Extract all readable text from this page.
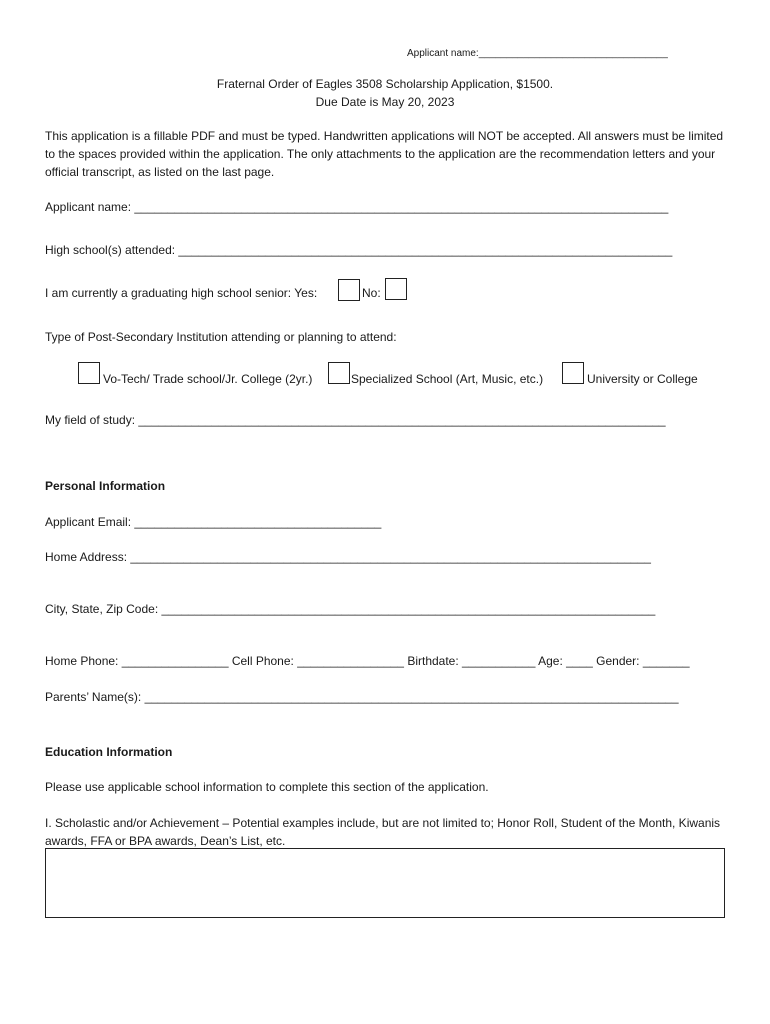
Applicant name:__________________________________
Fraternal Order of Eagles 3508 Scholarship Application, $1500.
Due Date is May 20, 2023
This application is a fillable PDF and must be typed. Handwritten applications will NOT be accepted. All answers must be limited to the spaces provided within the application. The only attachments to the application are the recommendation letters and your official transcript, as listed on the last page.
Applicant name: ________________________________________________________________________________
High school(s) attended: __________________________________________________________________________
I am currently a graduating high school senior: Yes:	No:
Type of Post-Secondary Institution attending or planning to attend:
Vo-Tech/ Trade school/Jr. College (2yr.)	Specialized School (Art, Music, etc.)	University or College
My field of study: _______________________________________________________________________________
Personal Information
Applicant Email: _____________________________________
Home Address: ______________________________________________________________________________
City, State, Zip Code: __________________________________________________________________________
Home Phone: ________________ Cell Phone: ________________ Birthdate: ___________ Age: ____ Gender: _______
Parents’ Name(s): ________________________________________________________________________________
Education Information
Please use applicable school information to complete this section of the application.
I. Scholastic and/or Achievement – Potential examples include, but are not limited to; Honor Roll, Student of the Month, Kiwanis awards, FFA or BPA awards, Dean’s List, etc.
